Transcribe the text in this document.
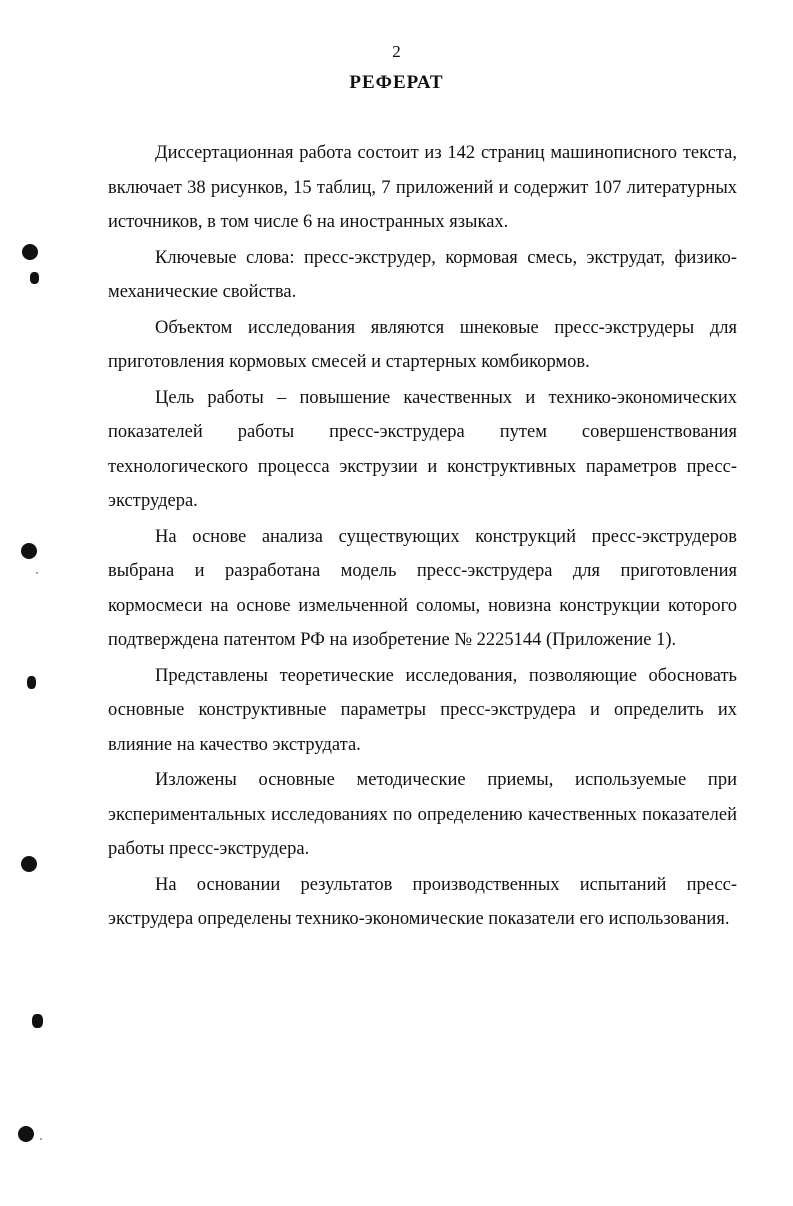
2
РЕФЕРАТ

Диссертационная работа состоит из 142 страниц машинописного текста, включает 38 рисунков, 15 таблиц, 7 приложений и содержит 107 литературных источников, в том числе 6 на иностранных языках.

Ключевые слова: пресс-экструдер, кормовая смесь, экструдат, физико-механические свойства.

Объектом исследования являются шнековые пресс-экструдеры для приготовления кормовых смесей и стартерных комбикормов.

Цель работы – повышение качественных и технико-экономических показателей работы пресс-экструдера путем совершенствования технологического процесса экструзии и конструктивных параметров пресс-экструдера.

На основе анализа существующих конструкций пресс-экструдеров выбрана и разработана модель пресс-экструдера для приготовления кормосмеси на основе измельченной соломы, новизна конструкции которого подтверждена патентом РФ на изобретение № 2225144 (Приложение 1).

Представлены теоретические исследования, позволяющие обосновать основные конструктивные параметры пресс-экструдера и определить их влияние на качество экструдата.

Изложены основные методические приемы, используемые при экспериментальных исследованиях по определению качественных показателей работы пресс-экструдера.

На основании результатов производственных испытаний пресс-экструдера определены технико-экономические показатели его использования.
